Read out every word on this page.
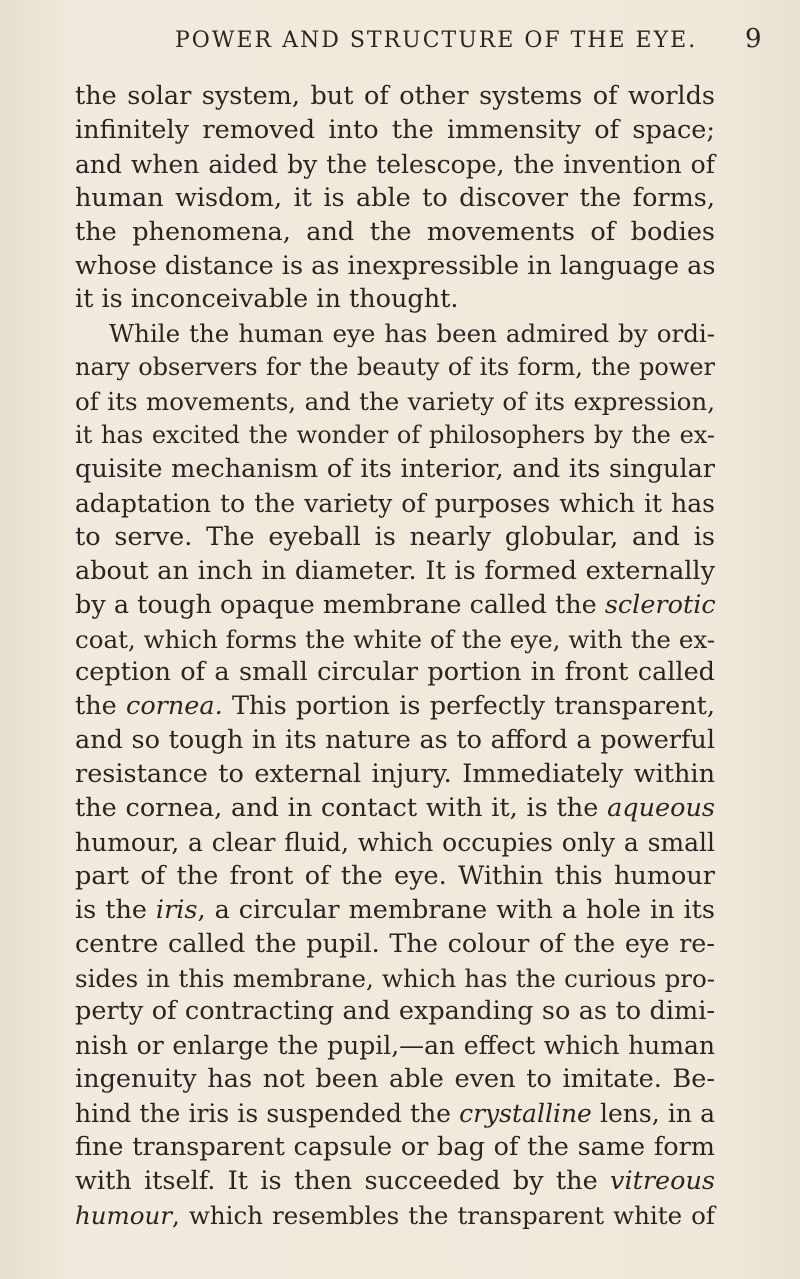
POWER AND STRUCTURE OF THE EYE. 9
the solar system, but of other systems of worlds
infinitely removed into the immensity of space;
and when aided by the telescope, the invention of
human wisdom, it is able to discover the forms,
the phenomena, and the movements of bodies
whose distance is as inexpressible in language as
it is inconceivable in thought.
While the human eye has been admired by ordi-
nary observers for the beauty of its form, the power
of its movements, and the variety of its expression,
it has excited the wonder of philosophers by the ex-
quisite mechanism of its interior, and its singular
adaptation to the variety of purposes which it has
to serve. The eyeball is nearly globular, and is
about an inch in diameter. It is formed externally
by a tough opaque membrane called the sclerotic
coat, which forms the white of the eye, with the ex-
ception of a small circular portion in front called
the cornea. This portion is perfectly transparent,
and so tough in its nature as to afford a powerful
resistance to external injury. Immediately within
the cornea, and in contact with it, is the aqueous
humour, a clear fluid, which occupies only a small
part of the front of the eye. Within this humour
is the iris, a circular membrane with a hole in its
centre called the pupil. The colour of the eye re-
sides in this membrane, which has the curious pro-
perty of contracting and expanding so as to dimi-
nish or enlarge the pupil,—an effect which human
ingenuity has not been able even to imitate. Be-
hind the iris is suspended the crystalline lens, in a
fine transparent capsule or bag of the same form
with itself. It is then succeeded by the vitreous
humour, which resembles the transparent white of
